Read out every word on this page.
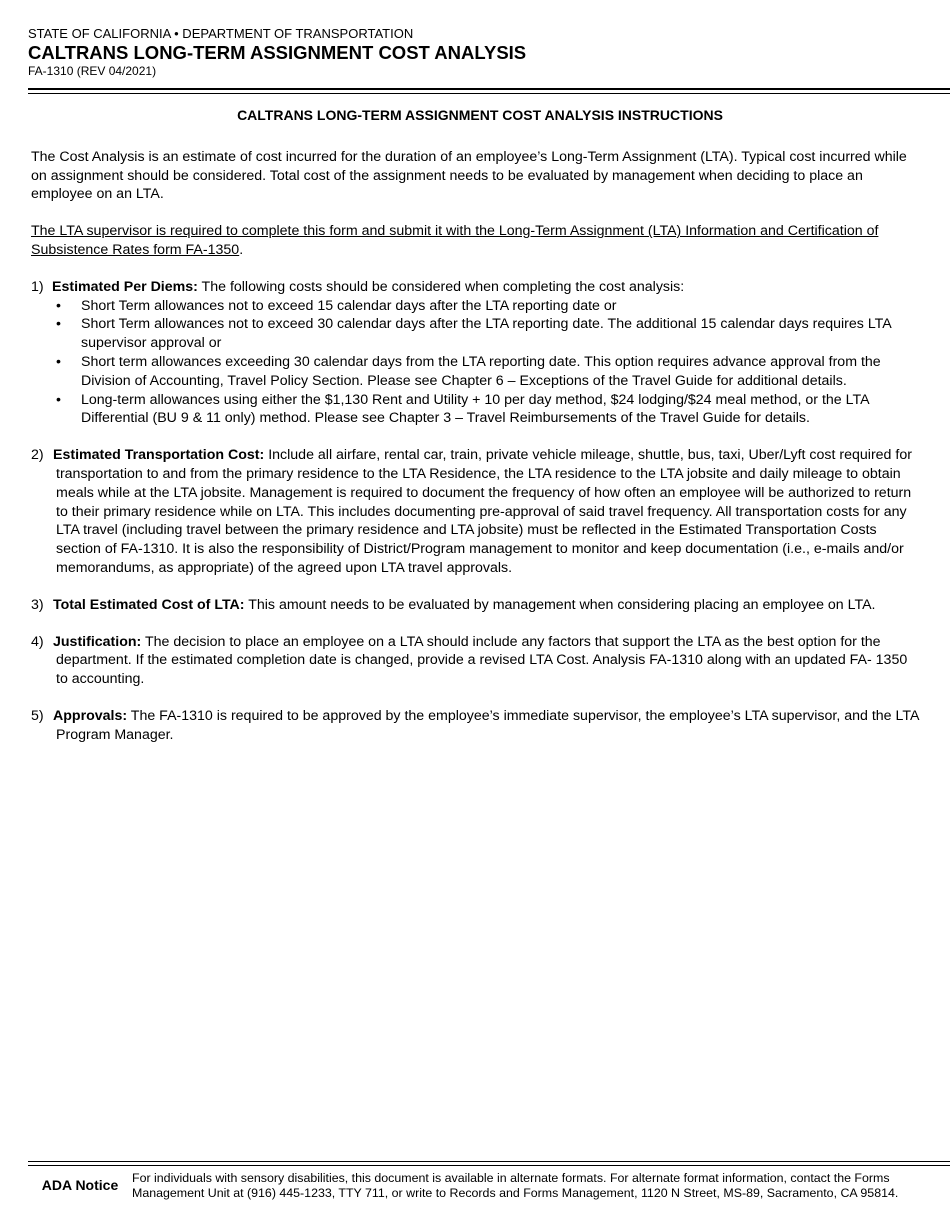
STATE OF CALIFORNIA • DEPARTMENT OF TRANSPORTATION
CALTRANS LONG-TERM ASSIGNMENT COST ANALYSIS
FA-1310 (REV 04/2021)
CALTRANS LONG-TERM ASSIGNMENT COST ANALYSIS INSTRUCTIONS

The Cost Analysis is an estimate of cost incurred for the duration of an employee’s Long-Term Assignment (LTA). Typical cost incurred while on assignment should be considered. Total cost of the assignment needs to be evaluated by management when deciding to place an employee on an LTA.

The LTA supervisor is required to complete this form and submit it with the Long-Term Assignment (LTA) Information and Certification of Subsistence Rates form FA-1350.

1) Estimated Per Diems: The following costs should be considered when completing the cost analysis:
•	Short Term allowances not to exceed 15 calendar days after the LTA reporting date or
•	Short Term allowances not to exceed 30 calendar days after the LTA reporting date. The additional 15 calendar days requires LTA supervisor approval or
•	Short term allowances exceeding 30 calendar days from the LTA reporting date. This option requires advance approval from the Division of Accounting, Travel Policy Section. Please see Chapter 6 – Exceptions of the Travel Guide for additional details.
•	Long-term allowances using either the $1,130 Rent and Utility + 10 per day method, $24 lodging/$24 meal method, or the LTA Differential (BU 9 & 11 only) method. Please see Chapter 3 – Travel Reimbursements of the Travel Guide for details.
2) Estimated Transportation Cost: Include all airfare, rental car, train, private vehicle mileage, shuttle, bus, taxi, Uber/Lyft cost required for transportation to and from the primary residence to the LTA Residence, the LTA residence to the LTA jobsite and daily mileage to obtain meals while at the LTA jobsite. Management is required to document the frequency of how often an employee will be authorized to return to their primary residence while on LTA. This includes documenting pre-approval of said travel frequency. All transportation costs for any LTA travel (including travel between the primary residence and LTA jobsite) must be reflected in the Estimated Transportation Costs section of FA-1310. It is also the responsibility of District/Program management to monitor and keep documentation (i.e., e-mails and/or memorandums, as appropriate) of the agreed upon LTA travel approvals.
3) Total Estimated Cost of LTA: This amount needs to be evaluated by management when considering placing an employee on LTA.
4) Justification: The decision to place an employee on a LTA should include any factors that support the LTA as the best option for the department. If the estimated completion date is changed, provide a revised LTA Cost. Analysis FA-1310 along with an updated FA- 1350 to accounting.
5) Approvals: The FA-1310 is required to be approved by the employee’s immediate supervisor, the employee’s LTA supervisor, and the LTA Program Manager.
ADA Notice	For individuals with sensory disabilities, this document is available in alternate formats. For alternate format information, contact the Forms Management Unit at (916) 445-1233, TTY 711, or write to Records and Forms Management, 1120 N Street, MS-89, Sacramento, CA 95814.
